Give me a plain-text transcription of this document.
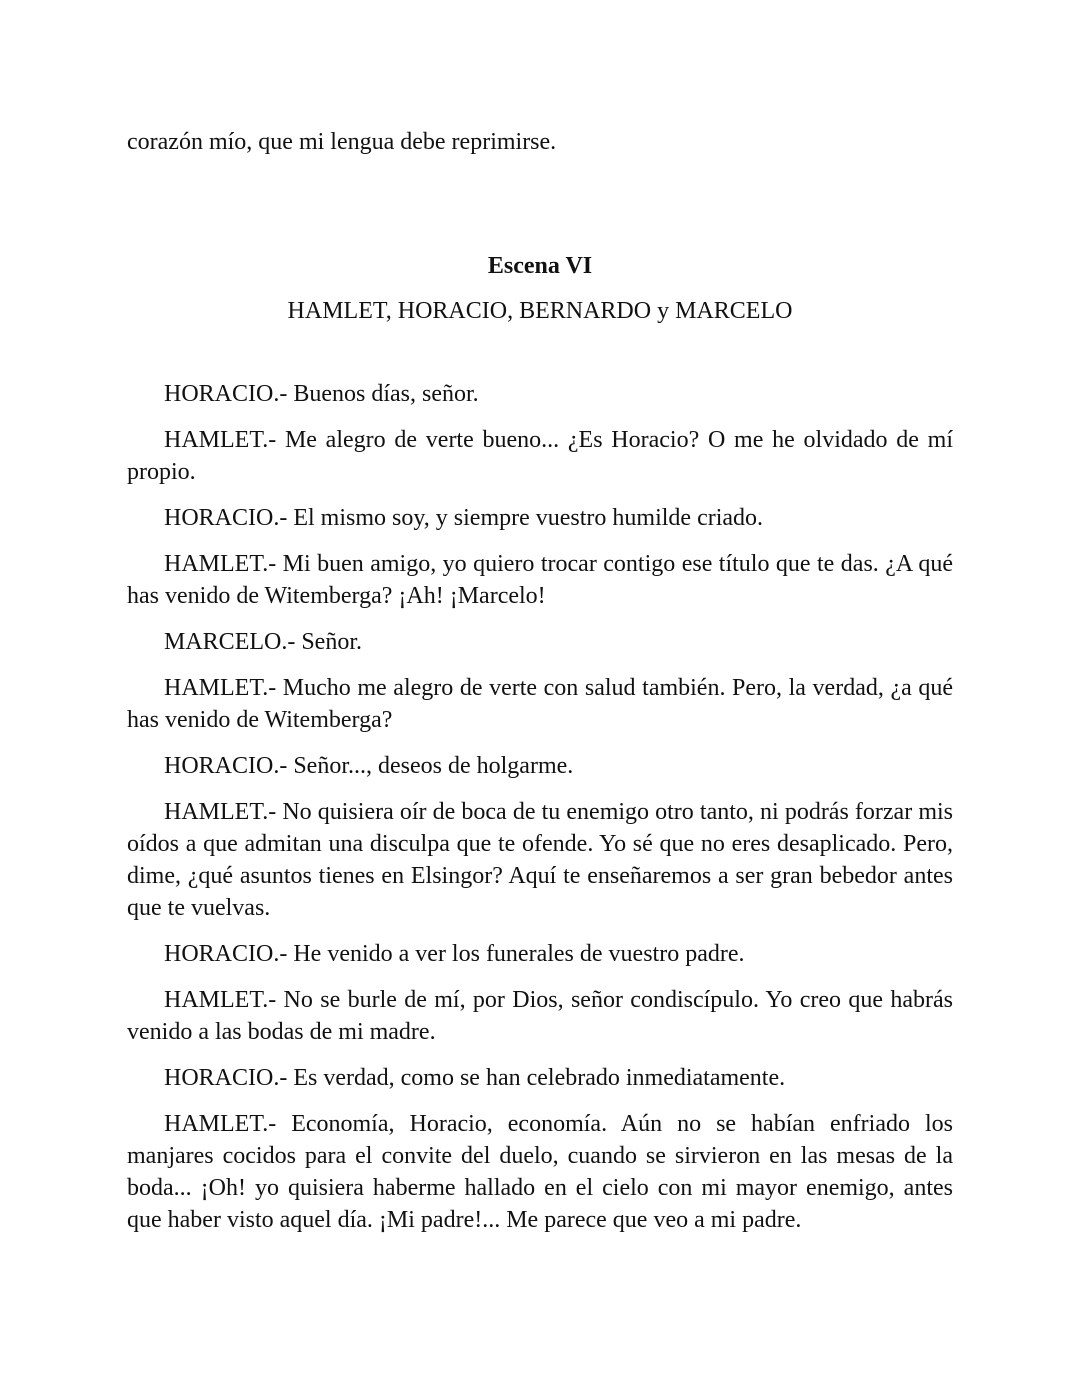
corazón mío, que mi lengua debe reprimirse.

Escena VI

HAMLET, HORACIO, BERNARDO y MARCELO

HORACIO.- Buenos días, señor.

HAMLET.- Me alegro de verte bueno... ¿Es Horacio? O me he olvidado de mí propio.

HORACIO.- El mismo soy, y siempre vuestro humilde criado.

HAMLET.- Mi buen amigo, yo quiero trocar contigo ese título que te das. ¿A qué has venido de Witemberga? ¡Ah! ¡Marcelo!

MARCELO.- Señor.

HAMLET.- Mucho me alegro de verte con salud también. Pero, la verdad, ¿a qué has venido de Witemberga?

HORACIO.- Señor..., deseos de holgarme.

HAMLET.- No quisiera oír de boca de tu enemigo otro tanto, ni podrás forzar mis oídos a que admitan una disculpa que te ofende. Yo sé que no eres desaplicado. Pero, dime, ¿qué asuntos tienes en Elsingor? Aquí te enseñaremos a ser gran bebedor antes que te vuelvas.

HORACIO.- He venido a ver los funerales de vuestro padre.

HAMLET.- No se burle de mí, por Dios, señor condiscípulo. Yo creo que habrás venido a las bodas de mi madre.

HORACIO.- Es verdad, como se han celebrado inmediatamente.

HAMLET.- Economía, Horacio, economía. Aún no se habían enfriado los manjares cocidos para el convite del duelo, cuando se sirvieron en las mesas de la boda... ¡Oh! yo quisiera haberme hallado en el cielo con mi mayor enemigo, antes que haber visto aquel día. ¡Mi padre!... Me parece que veo a mi padre.
